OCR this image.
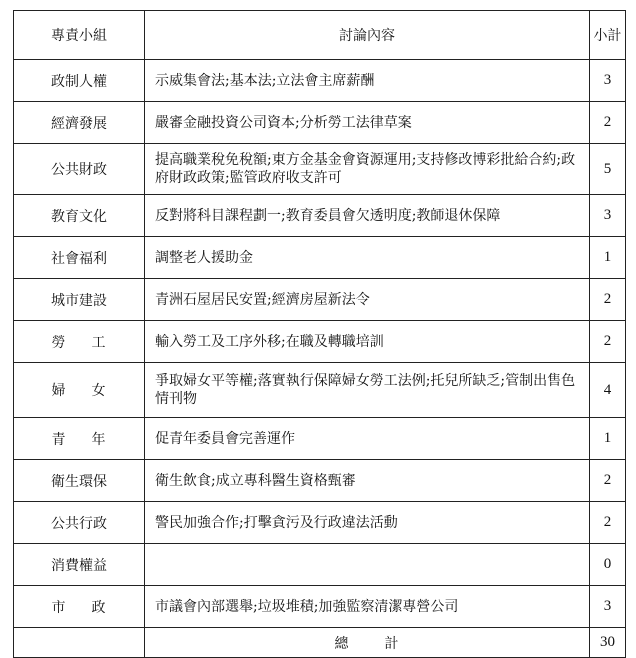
專責小組	討論內容	小計
政制人權	示威集會法;基本法;立法會主席薪酬	3
經濟發展	嚴審金融投資公司資本;分析勞工法律草案	2
公共財政	提高職業稅免稅額;東方金基金會資源運用;支持修改博彩批給合約;政府財政政策;監管政府收支許可	5
教育文化	反對將科目課程劃一;教育委員會欠透明度;教師退休保障	3
社會福利	調整老人援助金	1
城市建設	青洲石屋居民安置;經濟房屋新法令	2
勞工	輸入勞工及工序外移;在職及轉職培訓	2
婦女	爭取婦女平等權;落實執行保障婦女勞工法例;托兒所缺乏;管制出售色情刊物	4
青年	促青年委員會完善運作	1
衛生環保	衛生飲食;成立專科醫生資格甄審	2
公共行政	警民加強合作;打擊貪污及行政違法活動	2
消費權益		0
市政	市議會內部選舉;垃圾堆積;加強監察清潔專營公司	3
	總計	30
